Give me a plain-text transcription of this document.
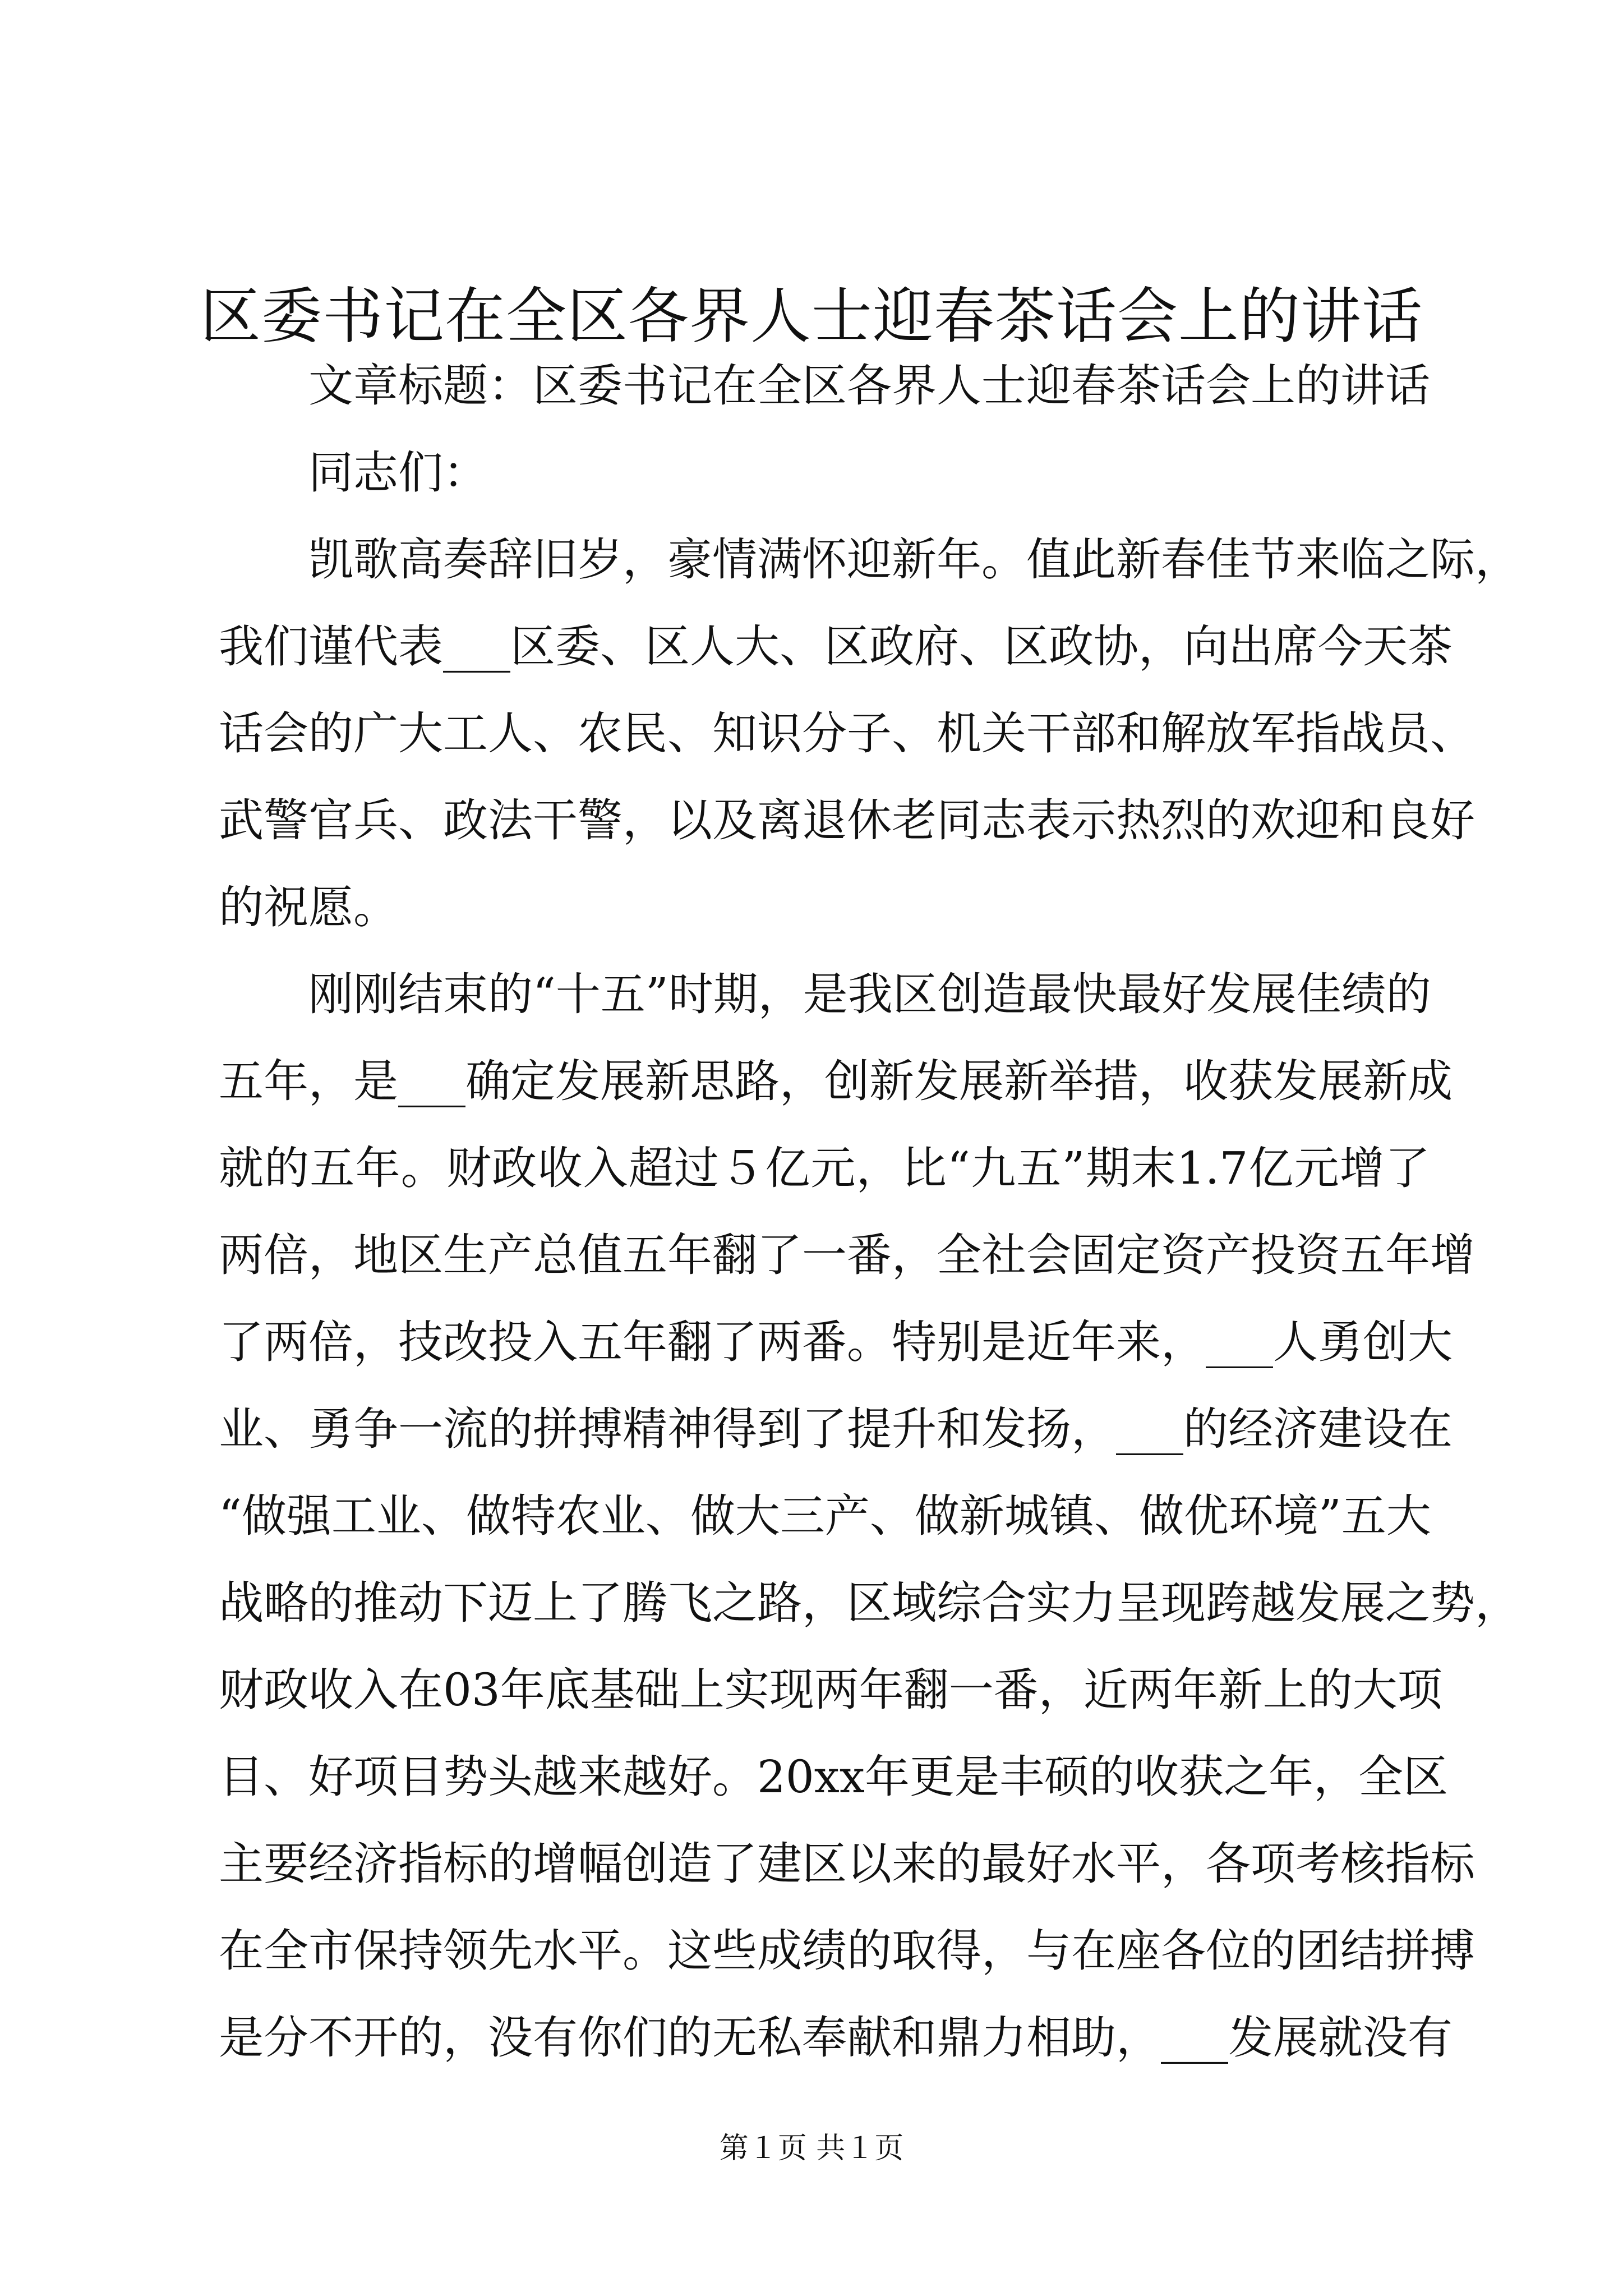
区委书记在全区各界人士迎春茶话会上的讲话
文章标题：区委书记在全区各界人士迎春茶话会上的讲话
同志们：
凯歌高奏辞旧岁，豪情满怀迎新年。值此新春佳节来临之际，
我们谨代表___区委、区人大、区政府、区政协，向出席今天茶
话会的广大工人、农民、知识分子、机关干部和解放军指战员、
武警官兵、政法干警，以及离退休老同志表示热烈的欢迎和良好
的祝愿。
刚刚结束的“十五”时期，是我区创造最快最好发展佳绩的
五年，是___确定发展新思路，创新发展新举措，收获发展新成
就的五年。财政收入超过５亿元，比“九五”期末1.7亿元增了
两倍，地区生产总值五年翻了一番，全社会固定资产投资五年增
了两倍，技改投入五年翻了两番。特别是近年来，___人勇创大
业、勇争一流的拼搏精神得到了提升和发扬，___的经济建设在
“做强工业、做特农业、做大三产、做新城镇、做优环境”五大
战略的推动下迈上了腾飞之路，区域综合实力呈现跨越发展之势，
财政收入在03年底基础上实现两年翻一番，近两年新上的大项
目、好项目势头越来越好。20xx年更是丰硕的收获之年，全区
主要经济指标的增幅创造了建区以来的最好水平，各项考核指标
在全市保持领先水平。这些成绩的取得，与在座各位的团结拼搏
是分不开的，没有你们的无私奉献和鼎力相助，___发展就没有
第１页 共１页
